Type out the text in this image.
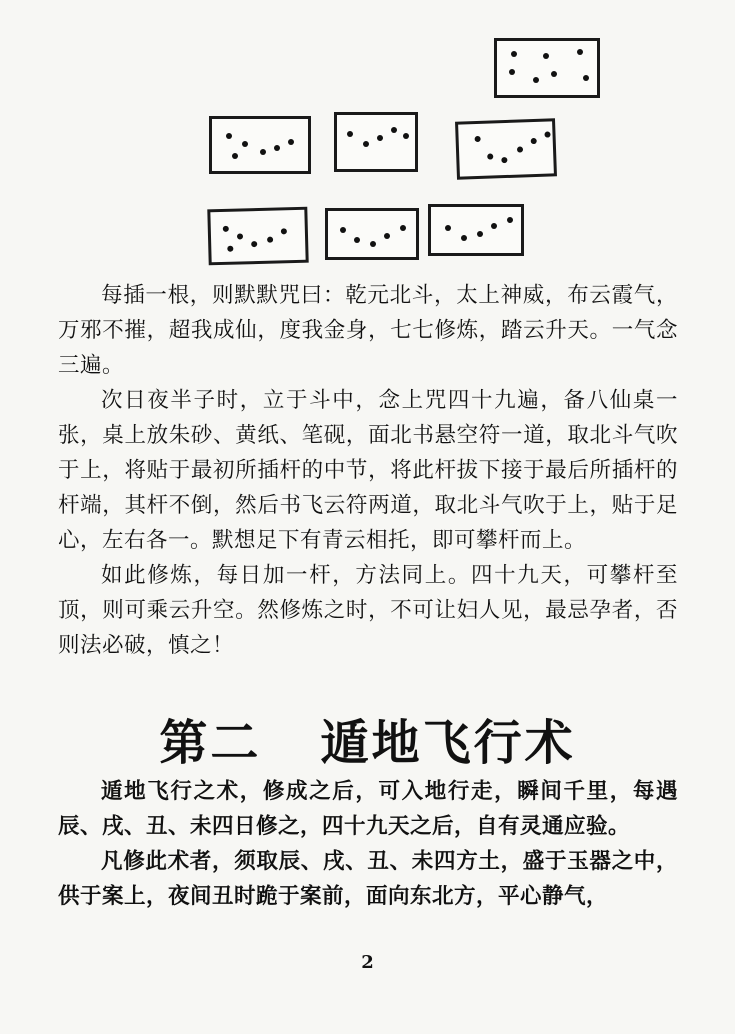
每插一根，则默默咒曰：乾元北斗，太上神威，布云霞气，万邪不摧，超我成仙，度我金身，七七修炼，踏云升天。一气念三遍。

次日夜半子时，立于斗中，念上咒四十九遍，备八仙桌一张，桌上放朱砂、黄纸、笔砚，面北书悬空符一道，取北斗气吹于上，将贴于最初所插杆的中节，将此杆拔下接于最后所插杆的杆端，其杆不倒，然后书飞云符两道，取北斗气吹于上，贴于足心，左右各一。默想足下有青云相托，即可攀杆而上。

如此修炼，每日加一杆，方法同上。四十九天，可攀杆至顶，则可乘云升空。然修炼之时，不可让妇人见，最忌孕者，否则法必破，慎之！

第二 遁地飞行术

遁地飞行之术，修成之后，可入地行走，瞬间千里，每遇辰、戌、丑、未四日修之，四十九天之后，自有灵通应验。

凡修此术者，须取辰、戌、丑、未四方土，盛于玉器之中，供于案上，夜间丑时跪于案前，面向东北方，平心静气，

2
